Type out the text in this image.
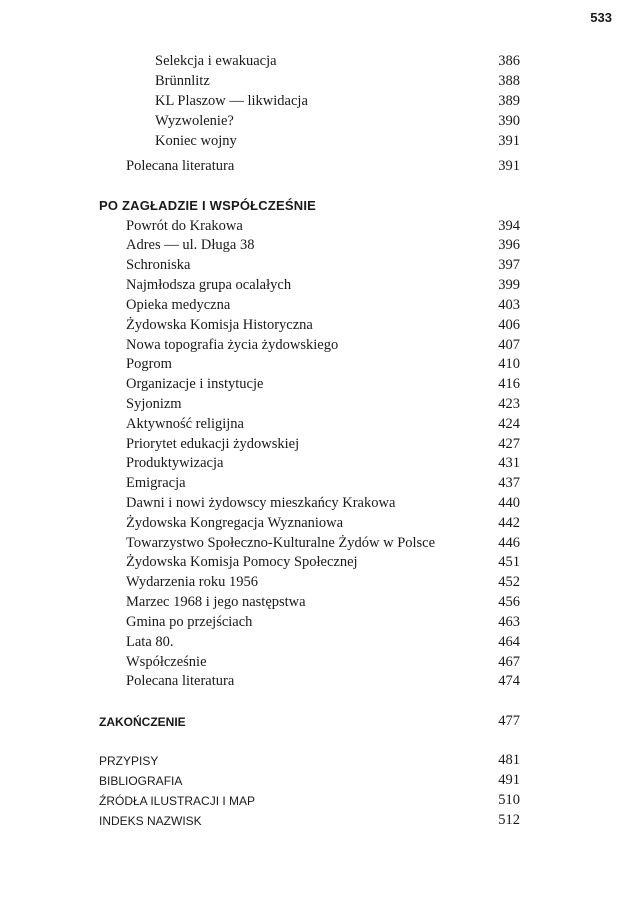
533
Selekcja i ewakuacja	386
Brünnlitz	388
KL Plaszow — likwidacja	389
Wyzwolenie?	390
Koniec wojny	391
Polecana literatura	391
PO ZAGŁADZIE I WSPÓŁCZEŚNIE
Powrót do Krakowa	394
Adres — ul. Długa 38	396
Schroniska	397
Najmłodsza grupa ocalałych	399
Opieka medyczna	403
Żydowska Komisja Historyczna	406
Nowa topografia życia żydowskiego	407
Pogrom	410
Organizacje i instytucje	416
Syjonizm	423
Aktywność religijna	424
Priorytet edukacji żydowskiej	427
Produktywizacja	431
Emigracja	437
Dawni i nowi żydowscy mieszkańcy Krakowa	440
Żydowska Kongregacja Wyznaniowa	442
Towarzystwo Społeczno-Kulturalne Żydów w Polsce	446
Żydowska Komisja Pomocy Społecznej	451
Wydarzenia roku 1956	452
Marzec 1968 i jego następstwa	456
Gmina po przejściach	463
Lata 80.	464
Współcześnie	467
Polecana literatura	474
ZAKOŃCZENIE	477
PRZYPISY	481
BIBLIOGRAFIA	491
ŹRÓDŁA ILUSTRACJI I MAP	510
INDEKS NAZWISK	512
